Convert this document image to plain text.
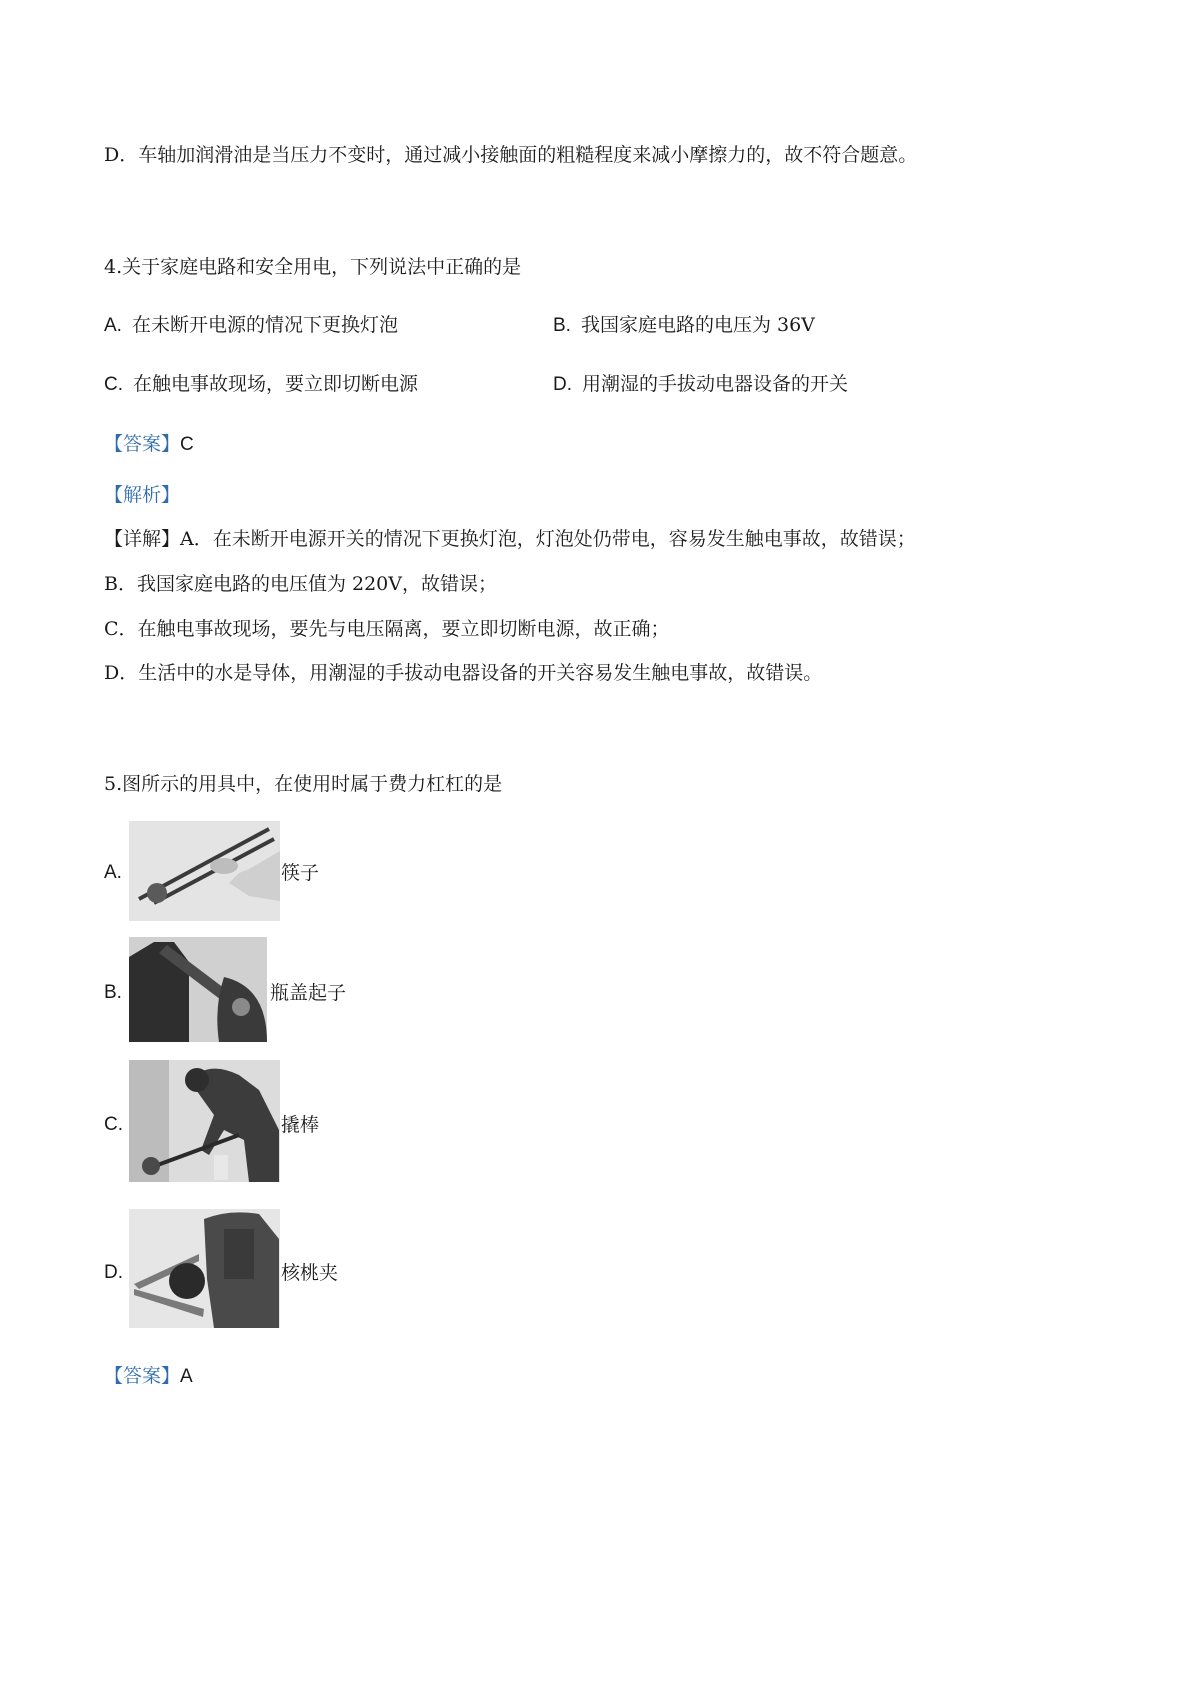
D．车轴加润滑油是当压力不变时，通过减小接触面的粗糙程度来减小摩擦力的，故不符合题意。
4.关于家庭电路和安全用电，下列说法中正确的是
A. 在未断开电源的情况下更换灯泡	B. 我国家庭电路的电压为 36V
C. 在触电事故现场，要立即切断电源	D. 用潮湿的手拔动电器设备的开关
【答案】C
【解析】
【详解】A．在未断开电源开关的情况下更换灯泡，灯泡处仍带电，容易发生触电事故，故错误；
B．我国家庭电路的电压值为 220V，故错误；
C．在触电事故现场，要先与电压隔离，要立即切断电源，故正确；
D．生活中的水是导体，用潮湿的手拔动电器设备的开关容易发生触电事故，故错误。
5.图所示的用具中，在使用时属于费力杠杠的是
A.	筷子
B.	瓶盖起子
C.	撬棒
D.	核桃夹
【答案】A
